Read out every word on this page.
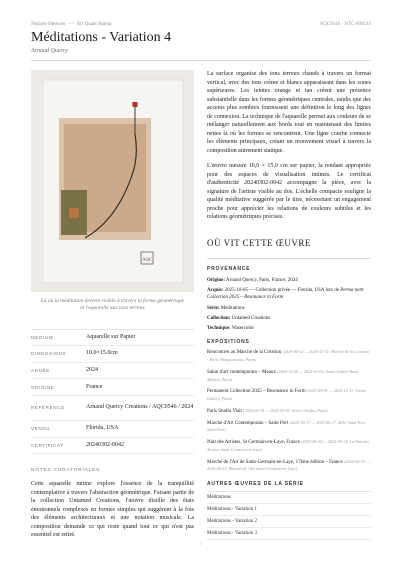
Notices d'œuvres — Art Quant Anima	AQC0546 · NTC-000144
Méditations - Variation 4
Arnaud Quercy
AQC
Là où la méditation devient visible à travers la forme géométrique et l'aquarelle aux tons terreux
MÉDIUM	Aquarelle sur Papier
DIMENSIONS	10.0×15.0cm
ANNÉE	2024
ORIGINE	France
RÉFÉRENCE	Arnaud Quercy Creations / AQC0546 / 2024
VENDU	Florida, USA
CERTIFICAT	20240302-0042
NOTES CURATORIALES
Cette aquarelle intime explore l'essence de la tranquillité contemplative à travers l'abstraction géométrique. Faisant partie de la collection Untamed Creations, l'œuvre distille des états émotionnels complexes en formes simples qui suggèrent à la fois des éléments architecturaux et une notation musicale. La composition demande ce qui reste quand tout ce qui n'est pas essentiel est retiré.

La surface organise des tons terreux chauds à travers un format vertical, avec des tons crème et blancs apparaissant dans les zones supérieures. Les teintes orange et tan créent une présence substantielle dans les formes géométriques centrales, tandis que des accents plus sombres fournissent une définition le long des lignes de connexion. La technique de l'aquarelle permet aux couleurs de se mélanger naturellement aux bords tout en maintenant des limites nettes là où les formes se rencontrent. Une ligne courbe connecte les éléments principaux, créant un mouvement visuel à travers la composition autrement statique.

L'œuvre mesure 10,0 × 15,0 cm sur papier, la rendant appropriée pour des espaces de visualisation intimes. Le certificat d'authenticité 20240302-0042 accompagne la pièce, avec la signature de l'artiste visible au dos. L'échelle compacte souligne la qualité méditative suggérée par le titre, nécessitant un engagement proche pour apprécier les relations de couleurs subtiles et les relations géométriques précises.

OÙ VIT CETTE ŒUVRE
PROVENANCE
Origine: Arnaud Quercy, Paris, France, 2024
Acquis: 2025-10-05 — Collection privée — Florida, USA lors de Perma nent Collection 2025 – Resonance in Form
Série: Méditations
Collection: Untamed Creations
Technique: Watercolor
EXPOSITIONS
Rencontres au Marché de la Création (2024-04-22 — 2024-12-31, Marché de la Création - Paris Montparnasse, Paris)
Salon d'art contemporain – Meaux (2024-12-20 — 2025-01-05, Salon Andrée Beau Maison, Paris)
Permanent Collection 2025 – Resonance in Form (2025-09-01 — 2025-12-31, Artiste Gallery, Paris)
Paris Studio Visit (2025-02-18 — 2025-02-18, Artist's Studio, Paris)
Marché d'Art Contemporain – Saint Port (2025-05-17 — 2025-05-17, MAC Saint-Port, Saint-Port)
Nuit des Artistes, St Germain-en-Laye, France (2025-05-24 — 2025-05-24, La Nuit des Artistes Saint-Germain-en-Laye)
Marché de l'Art de Saint-Germain-en-Laye, 17ème édition – France (2025-06-14 — 2025-06-15, Marché de l'Art Saint-Germain-en-Laye)
AUTRES ŒUVRES DE LA SÉRIE
Méditations
Méditations - Variation 1
Méditations - Variation 2
Méditations - Variation 3
1
